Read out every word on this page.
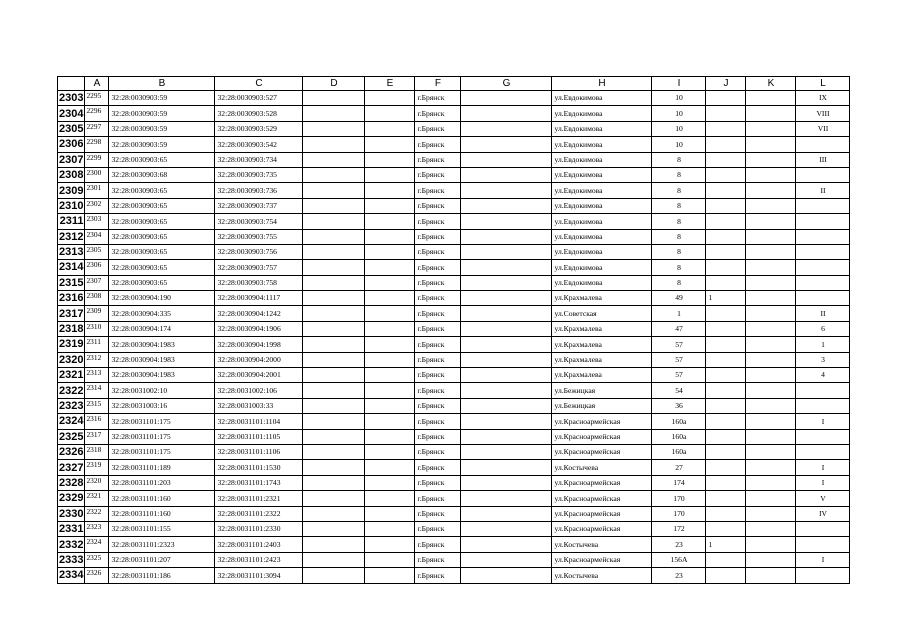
	A	B	C	D	E	F	G	H	I	J	K	L
2303	2295	32:28:0030903:59	32:28:0030903:527			г.Брянск		ул.Евдокимова	10			IX
2304	2296	32:28:0030903:59	32:28:0030903:528			г.Брянск		ул.Евдокимова	10			VIII
2305	2297	32:28:0030903:59	32:28:0030903:529			г.Брянск		ул.Евдокимова	10			VII
2306	2298	32:28:0030903:59	32:28:0030903:542			г.Брянск		ул.Евдокимова	10			
2307	2299	32:28:0030903:65	32:28:0030903:734			г.Брянск		ул.Евдокимова	8			III
2308	2300	32:28:0030903:68	32:28:0030903:735			г.Брянск		ул.Евдокимова	8			
2309	2301	32:28:0030903:65	32:28:0030903:736			г.Брянск		ул.Евдокимова	8			II
2310	2302	32:28:0030903:65	32:28:0030903:737			г.Брянск		ул.Евдокимова	8			
2311	2303	32:28:0030903:65	32:28:0030903:754			г.Брянск		ул.Евдокимова	8			
2312	2304	32:28:0030903:65	32:28:0030903:755			г.Брянск		ул.Евдокимова	8			
2313	2305	32:28:0030903:65	32:28:0030903:756			г.Брянск		ул.Евдокимова	8			
2314	2306	32:28:0030903:65	32:28:0030903:757			г.Брянск		ул.Евдокимова	8			
2315	2307	32:28:0030903:65	32:28:0030903:758			г.Брянск		ул.Евдокимова	8			
2316	2308	32:28:0030904:190	32:28:0030904:1117			г.Брянск		ул.Крахмалева	49	1		
2317	2309	32:28:0030904:335	32:28:0030904:1242			г.Брянск		ул.Советская	1			II
2318	2310	32:28:0030904:174	32:28:0030904:1906			г.Брянск		ул.Крахмалева	47			6
2319	2311	32:28:0030904:1983	32:28:0030904:1998			г.Брянск		ул.Крахмалева	57			1
2320	2312	32:28:0030904:1983	32:28:0030904:2000			г.Брянск		ул.Крахмалева	57			3
2321	2313	32:28:0030904:1983	32:28:0030904:2001			г.Брянск		ул.Крахмалева	57			4
2322	2314	32:28:0031002:10	32:28:0031002:106			г.Брянск		ул.Бежицкая	54			
2323	2315	32:28:0031003:16	32:28:0031003:33			г.Брянск		ул.Бежицкая	36			
2324	2316	32:28:0031101:175	32:28:0031101:1104			г.Брянск		ул.Красноармейская	160а			I
2325	2317	32:28:0031101:175	32:28:0031101:1105			г.Брянск		ул.Красноармейская	160а			
2326	2318	32:28:0031101:175	32:28:0031101:1106			г.Брянск		ул.Красноармейская	160а			
2327	2319	32:28:0031101:189	32:28:0031101:1530			г.Брянск		ул.Костычева	27			I
2328	2320	32:28:0031101:203	32:28:0031101:1743			г.Брянск		ул.Красноармейская	174			I
2329	2321	32:28:0031101:160	32:28:0031101:2321			г.Брянск		ул.Красноармейская	170			V
2330	2322	32:28:0031101:160	32:28:0031101:2322			г.Брянск		ул.Красноармейская	170			IV
2331	2323	32:28:0031101:155	32:28:0031101:2330			г.Брянск		ул.Красноармейская	172			
2332	2324	32:28:0031101:2323	32:28:0031101:2403			г.Брянск		ул.Костычева	23	1		
2333	2325	32:28:0031101:207	32:28:0031101:2423			г.Брянск		ул.Красноармейская	156А			I
2334	2326	32:28:0031101:186	32:28:0031101:3094			г.Брянск		ул.Костычева	23			
